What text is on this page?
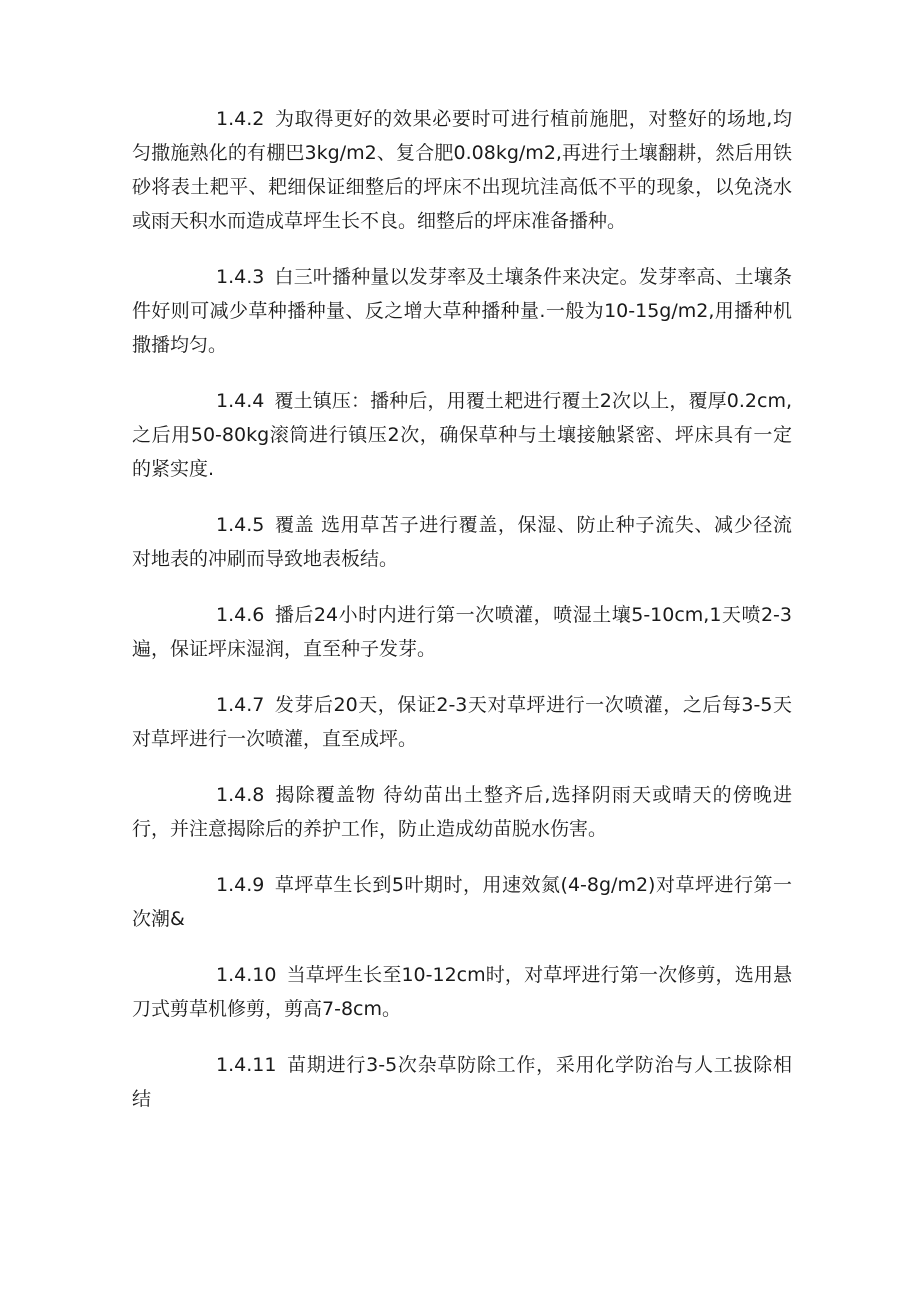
1.4.2 为取得更好的效果必要时可进行植前施肥，对整好的场地,均匀撒施熟化的有棚巴3kg/m2、复合肥0.08kg/m2,再进行土壤翻耕，然后用铁砂将表土耙平、耙细保证细整后的坪床不出现坑洼高低不平的现象，以免浇水或雨天积水而造成草坪生长不良。细整后的坪床准备播种。

1.4.3 白三叶播种量以发芽率及土壤条件来决定。发芽率高、土壤条件好则可减少草种播种量、反之增大草种播种量.一般为10-15g/m2,用播种机撒播均匀。

1.4.4 覆土镇压：播种后，用覆土耙进行覆土2次以上，覆厚0.2cm,之后用50-80kg滚筒进行镇压2次，确保草种与土壤接触紧密、坪床具有一定的紧实度.

1.4.5 覆盖 选用草苫子进行覆盖，保湿、防止种子流失、减少径流对地表的冲刷而导致地表板结。

1.4.6 播后24小时内进行第一次喷灌，喷湿土壤5-10cm,1天喷2-3遍，保证坪床湿润，直至种子发芽。

1.4.7 发芽后20天，保证2-3天对草坪进行一次喷灌，之后每3-5天对草坪进行一次喷灌，直至成坪。

1.4.8 揭除覆盖物 待幼苗出土整齐后,选择阴雨天或晴天的傍晚进行，并注意揭除后的养护工作，防止造成幼苗脱水伤害。

1.4.9 草坪草生长到5叶期时，用速效氮(4-8g/m2)对草坪进行第一次潮&

1.4.10 当草坪生长至10-12cm时，对草坪进行第一次修剪，选用悬刀式剪草机修剪，剪高7-8cm。

1.4.11 苗期进行3-5次杂草防除工作，采用化学防治与人工拔除相结
